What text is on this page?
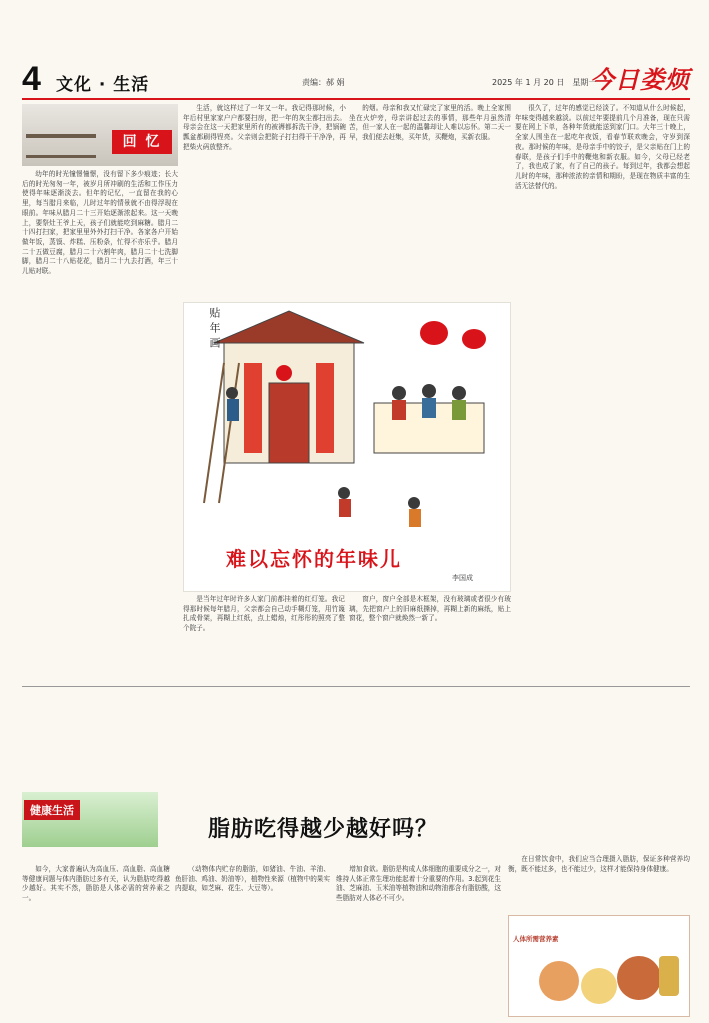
4 文化 · 生活	责编：郝 娟	2025 年 1 月 20 日　星期一
今日娄烦
回 忆

幼年的时光憧憬憧憬，没有留下多少痕迹；长大后的时光匆匆一年，被岁月所冲刷的生活和工作压力使得年味逐渐淡去。但年的记忆，一直留在我的心里，每当腊月来临，儿时过年的情景就不由得浮现在眼前。年味从腊月二十三开始逐渐浓起来。这一天晚上，要祭灶王爷上天，孩子们就能吃到麻糖。腊月二十四打扫家，把家里里外外打扫干净。各家各户开始做年饭，蒸馍、炸糕、压粉条，忙得不亦乐乎。腊月二十五做豆腐，腊月二十六割年肉，腊月二十七洗脚脚，腊月二十八贴花花，腊月二十九去打酒，年三十儿贴对联。

生活，就这样过了一年又一年。我记得那时候，小年后村里家家户户都要扫房，把一年的灰尘都扫出去。母亲会在这一天把家里所有的被褥都拆洗干净，把锅碗瓢盆都刷得锃亮。父亲则会把院子打扫得干干净净，再把柴火码放整齐。

的烟。母亲和我又忙碌完了家里的活。晚上全家围坐在火炉旁，母亲讲起过去的事情，那些年月虽然清苦，但一家人在一起的温馨却让人难以忘怀。第二天一早，我们便去赶集，买年货，买鞭炮，买新衣服。

很久了，过年的感觉已经淡了。不知道从什么时候起，年味变得越来越淡。以前过年要提前几个月准备，现在只需要在网上下单，各种年货就能送到家门口。大年三十晚上，全家人围坐在一起吃年夜饭，看春节联欢晚会，守岁到深夜。那时候的年味，是母亲手中的饺子，是父亲贴在门上的春联，是孩子们手中的鞭炮和新衣服。如今，父母已经老了，我也成了家，有了自己的孩子。每到过年，我都会想起儿时的年味，那种浓浓的亲情和期盼，是现在物质丰富的生活无法替代的。

是当年过年时许多人家门前都挂着的红灯笼。我记得那时候每年腊月，父亲都会自己动手糊灯笼，用竹篾扎成骨架，再糊上红纸，点上蜡烛，红彤彤的照亮了整个院子。

窗户，窗户全部是木框架，没有玻璃或者很少有玻璃，先把窗户上的旧麻纸撕掉，再糊上新的麻纸，贴上窗花，整个窗户就焕然一新了。

贴年画
难以忘怀的年味儿
李国成
健康生活
脂肪吃得越少越好吗？

如今，大家普遍认为高血压、高血脂、高血糖等健康问题与体内脂肪过多有关，认为脂肪吃得越少越好。其实不然，脂肪是人体必需的营养素之一。

（动物体内贮存的脂肪，如猪油、牛油、羊油、鱼肝油、鸡油、奶油等），植物性来源（植物中的果实内提取，如芝麻、花生、大豆等）。

增加食欲。脂肪是构成人体细胞的重要成分之一，对维持人体正常生理功能起着十分重要的作用。3.起到花生油、芝麻油、玉米油等植物油和动物油都含有脂肪酸，这些脂肪对人体必不可少。

在日常饮食中，我们应当合理摄入脂肪，保证多种营养均衡，既不能过多，也不能过少，这样才能保持身体健康。

人体所需营养素
